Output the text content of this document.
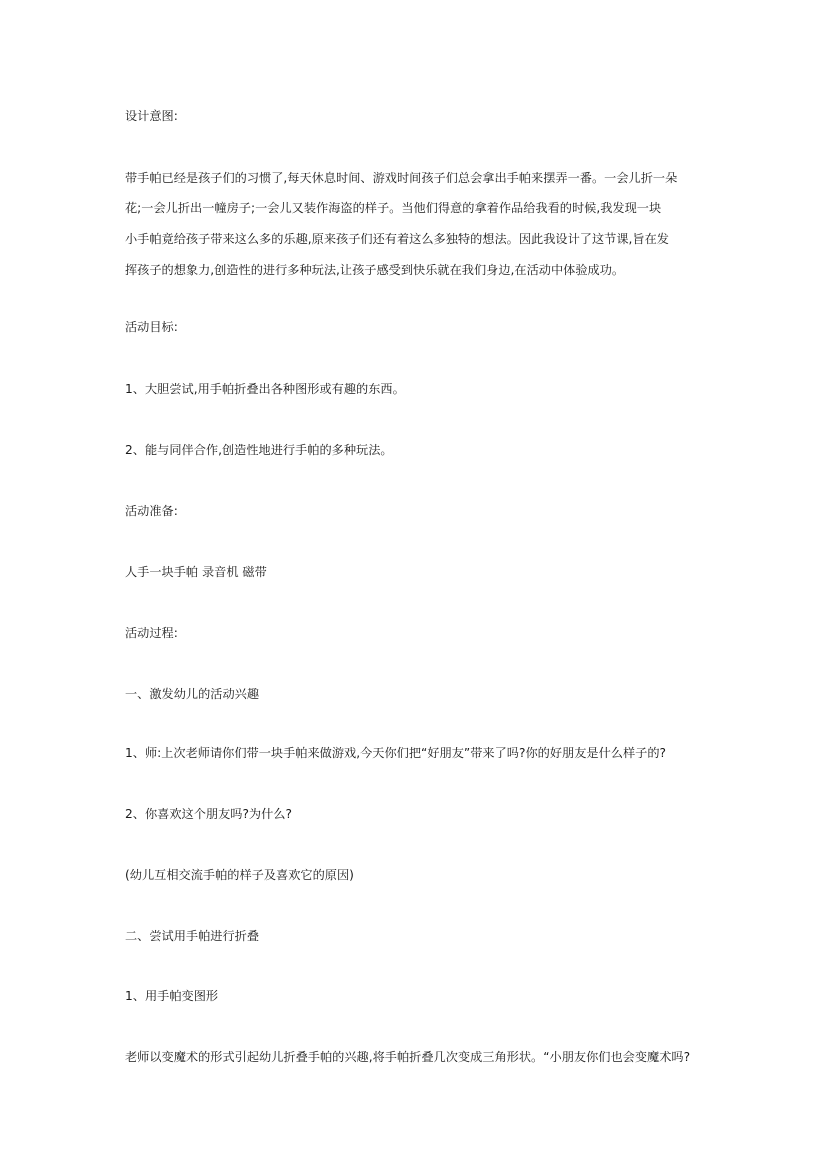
设计意图:

带手帕已经是孩子们的习惯了,每天休息时间、游戏时间孩子们总会拿出手帕来摆弄一番。一会儿折一朵

花;一会儿折出一幢房子;一会儿又装作海盗的样子。当他们得意的拿着作品给我看的时候,我发现一块

小手帕竟给孩子带来这么多的乐趣,原来孩子们还有着这么多独特的想法。因此我设计了这节课,旨在发

挥孩子的想象力,创造性的进行多种玩法,让孩子感受到快乐就在我们身边,在活动中体验成功。

活动目标:

1、大胆尝试,用手帕折叠出各种图形或有趣的东西。

2、能与同伴合作,创造性地进行手帕的多种玩法。

活动准备:

人手一块手帕 录音机 磁带

活动过程:

一、激发幼儿的活动兴趣

1、师:上次老师请你们带一块手帕来做游戏,今天你们把“好朋友”带来了吗?你的好朋友是什么样子的?

2、你喜欢这个朋友吗?为什么?

(幼儿互相交流手帕的样子及喜欢它的原因)

二、尝试用手帕进行折叠

1、用手帕变图形

老师以变魔术的形式引起幼儿折叠手帕的兴趣,将手帕折叠几次变成三角形状。“小朋友你们也会变魔术吗?
